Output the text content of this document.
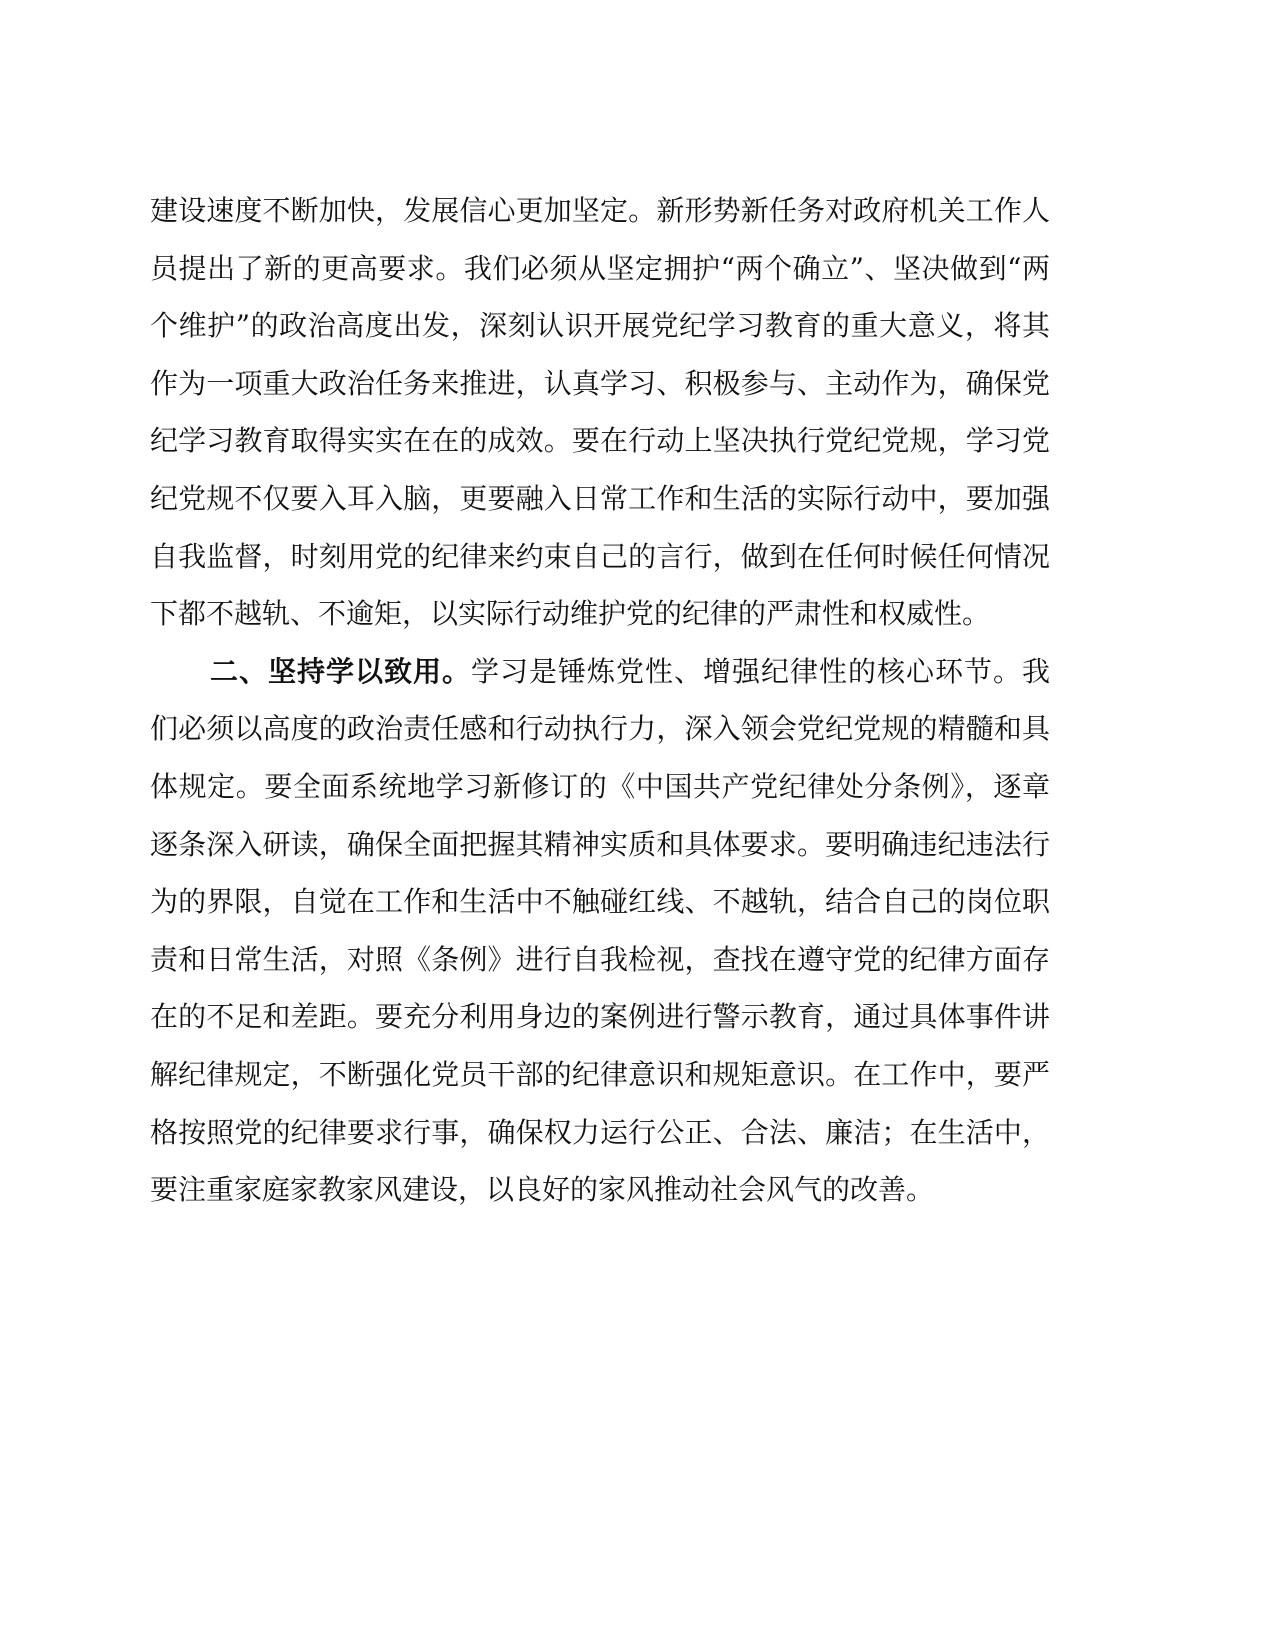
建设速度不断加快，发展信心更加坚定。新形势新任务对政府机关工作人员提出了新的更高要求。我们必须从坚定拥护“两个确立”、坚决做到“两个维护”的政治高度出发，深刻认识开展党纪学习教育的重大意义，将其作为一项重大政治任务来推进，认真学习、积极参与、主动作为，确保党纪学习教育取得实实在在的成效。要在行动上坚决执行党纪党规，学习党纪党规不仅要入耳入脑，更要融入日常工作和生活的实际行动中，要加强自我监督，时刻用党的纪律来约束自己的言行，做到在任何时候任何情况下都不越轨、不逾矩，以实际行动维护党的纪律的严肃性和权威性。

二、坚持学以致用。学习是锤炼党性、增强纪律性的核心环节。我们必须以高度的政治责任感和行动执行力，深入领会党纪党规的精髓和具体规定。要全面系统地学习新修订的《中国共产党纪律处分条例》，逐章逐条深入研读，确保全面把握其精神实质和具体要求。要明确违纪违法行为的界限，自觉在工作和生活中不触碰红线、不越轨，结合自己的岗位职责和日常生活，对照《条例》进行自我检视，查找在遵守党的纪律方面存在的不足和差距。要充分利用身边的案例进行警示教育，通过具体事件讲解纪律规定，不断强化党员干部的纪律意识和规矩意识。在工作中，要严格按照党的纪律要求行事，确保权力运行公正、合法、廉洁；在生活中，要注重家庭家教家风建设，以良好的家风推动社会风气的改善。
